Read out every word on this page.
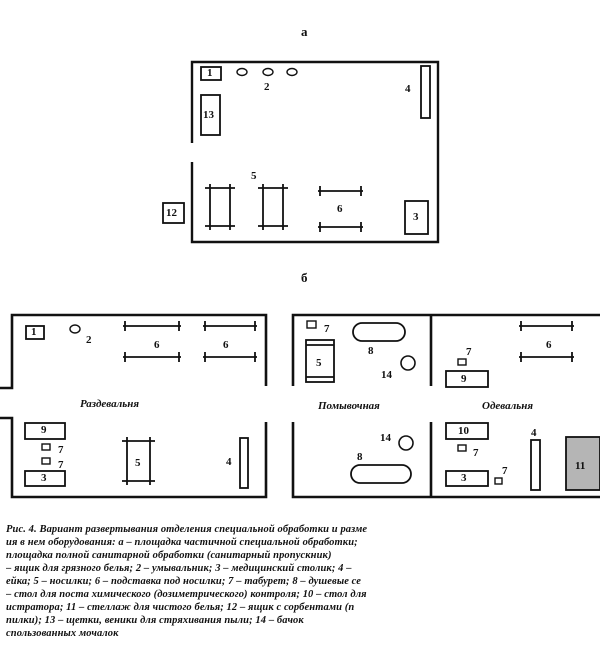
а
б
1
2	4
13
5
6
12	3
1
2	6	6
9
7
7
3
5	4
7
5
8
14
14
8
6
7
9
10
7
4
3
7	11
Раздевальня	Помывочная	Одевальня

Рис. 4. Вариант развертывания отделения специальной обработки и разме

ия в нем оборудования: а – площадка частичной специальной обработки;

площадка полной санитарной обработки (санитарный пропускник)

– ящик для грязного белья; 2 – умывальник; 3 – медицинский столик; 4 –

ейка; 5 – носилки; 6 – подставка под носилки; 7 – табурет; 8 – душевые се

– стол для поста химического (дозиметрического) контроля; 10 – стол для

истратора; 11 – стеллаж для чистого белья; 12 – ящик с сорбентами (п

пилки); 13 – щетки, веники для стряхивания пыли; 14 – бачок

спользованных мочалок
